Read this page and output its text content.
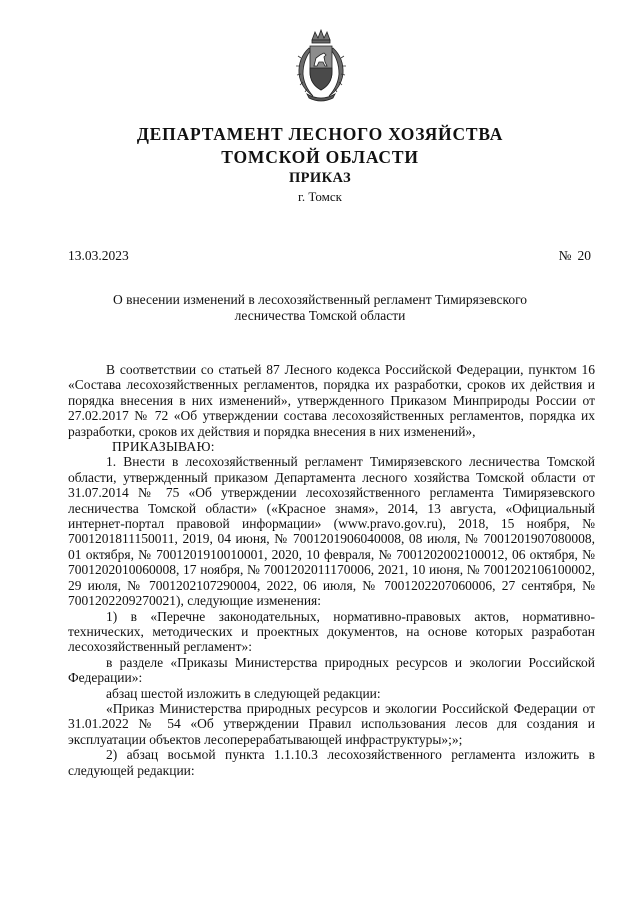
ДЕПАРТАМЕНТ ЛЕСНОГО ХОЗЯЙСТВА
ТОМСКОЙ ОБЛАСТИ
ПРИКАЗ
г. Томск
13.03.2023	№ 20
О внесении изменений в лесохозяйственный регламент Тимирязевского лесничества Томской области

В соответствии со статьей 87 Лесного кодекса Российской Федерации, пунктом 16 «Состава лесохозяйственных регламентов, порядка их разработки, сроков их действия и порядка внесения в них изменений», утвержденного Приказом Минприроды России от 27.02.2017 № 72 «Об утверждении состава лесохозяйственных регламентов, порядка их разработки, сроков их действия и порядка внесения в них изменений»,

ПРИКАЗЫВАЮ:

1. Внести в лесохозяйственный регламент Тимирязевского лесничества Томской области, утвержденный приказом Департамента лесного хозяйства Томской области от 31.07.2014 № 75 «Об утверждении лесохозяйственного регламента Тимирязевского лесничества Томской области» («Красное знамя», 2014, 13 августа, «Официальный интернет-портал правовой информации» (www.pravo.gov.ru), 2018, 15 ноября, № 7001201811150011, 2019, 04 июня, № 7001201906040008, 08 июля, № 7001201907080008, 01 октября, № 7001201910010001, 2020, 10 февраля, № 7001202002100012, 06 октября, № 7001202010060008, 17 ноября, № 7001202011170006, 2021, 10 июня, № 7001202106100002, 29 июля, № 7001202107290004, 2022, 06 июля, № 7001202207060006, 27 сентября, № 7001202209270021), следующие изменения:

1) в «Перечне законодательных, нормативно-правовых актов, нормативно-технических, методических и проектных документов, на основе которых разработан лесохозяйственный регламент»:

в разделе «Приказы Министерства природных ресурсов и экологии Российской Федерации»:

абзац шестой изложить в следующей редакции:

«Приказ Министерства природных ресурсов и экологии Российской Федерации от 31.01.2022 № 54 «Об утверждении Правил использования лесов для создания и эксплуатации объектов лесоперерабатывающей инфраструктуры»;»;

2) абзац восьмой пункта 1.1.10.3 лесохозяйственного регламента изложить в следующей редакции:
